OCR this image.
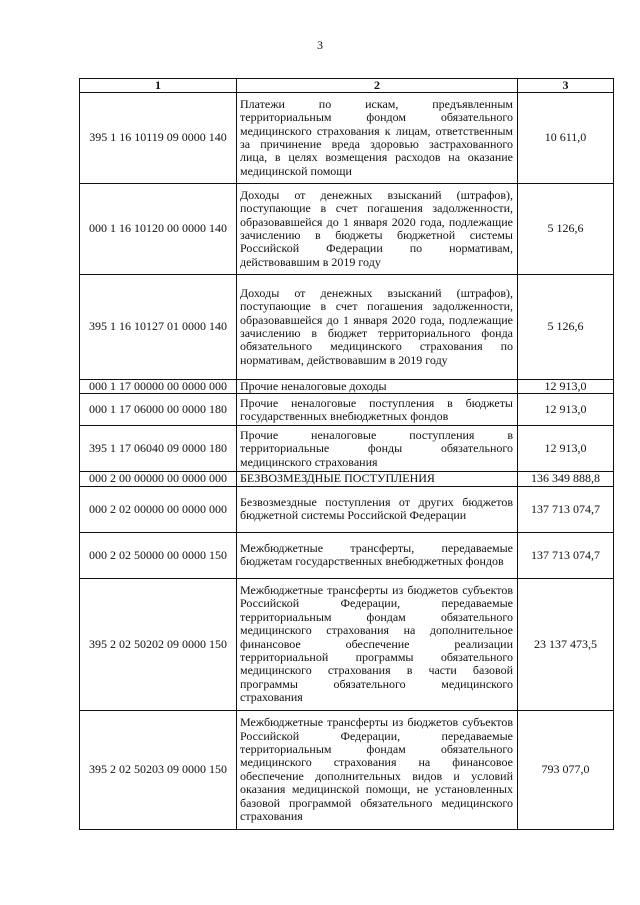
3
1	2	3
395 1 16 10119 09 0000 140	Платежи по искам, предъявленным территориальным фондом обязательного медицинского страхования к лицам, ответственным за причинение вреда здоровью застрахованного лица, в целях возмещения расходов на оказание медицинской помощи	10 611,0
000 1 16 10120 00 0000 140	Доходы от денежных взысканий (штрафов), поступающие в счет погашения задолженности, образовавшейся до 1 января 2020 года, подлежащие зачислению в бюджеты бюджетной системы Российской Федерации по нормативам, действовавшим в 2019 году	5 126,6
395 1 16 10127 01 0000 140	Доходы от денежных взысканий (штрафов), поступающие в счет погашения задолженности, образовавшейся до 1 января 2020 года, подлежащие зачислению в бюджет территориального фонда обязательного медицинского страхования по нормативам, действовавшим в 2019 году	5 126,6
000 1 17 00000 00 0000 000	Прочие неналоговые доходы	12 913,0
000 1 17 06000 00 0000 180	Прочие неналоговые поступления в бюджеты государственных внебюджетных фондов	12 913,0
395 1 17 06040 09 0000 180	Прочие неналоговые поступления в территориальные фонды обязательного медицинского страхования	12 913,0
000 2 00 00000 00 0000 000	БЕЗВОЗМЕЗДНЫЕ ПОСТУПЛЕНИЯ	136 349 888,8
000 2 02 00000 00 0000 000	Безвозмездные поступления от других бюджетов бюджетной системы Российской Федерации	137 713 074,7
000 2 02 50000 00 0000 150	Межбюджетные трансферты, передаваемые бюджетам государственных внебюджетных фондов	137 713 074,7
395 2 02 50202 09 0000 150	Межбюджетные трансферты из бюджетов субъектов Российской Федерации, передаваемые территориальным фондам обязательного медицинского страхования на дополнительное финансовое обеспечение реализации территориальной программы обязательного медицинского страхования в части базовой программы обязательного медицинского страхования	23 137 473,5
395 2 02 50203 09 0000 150	Межбюджетные трансферты из бюджетов субъектов Российской Федерации, передаваемые территориальным фондам обязательного медицинского страхования на финансовое обеспечение дополнительных видов и условий оказания медицинской помощи, не установленных базовой программой обязательного медицинского страхования	793 077,0
